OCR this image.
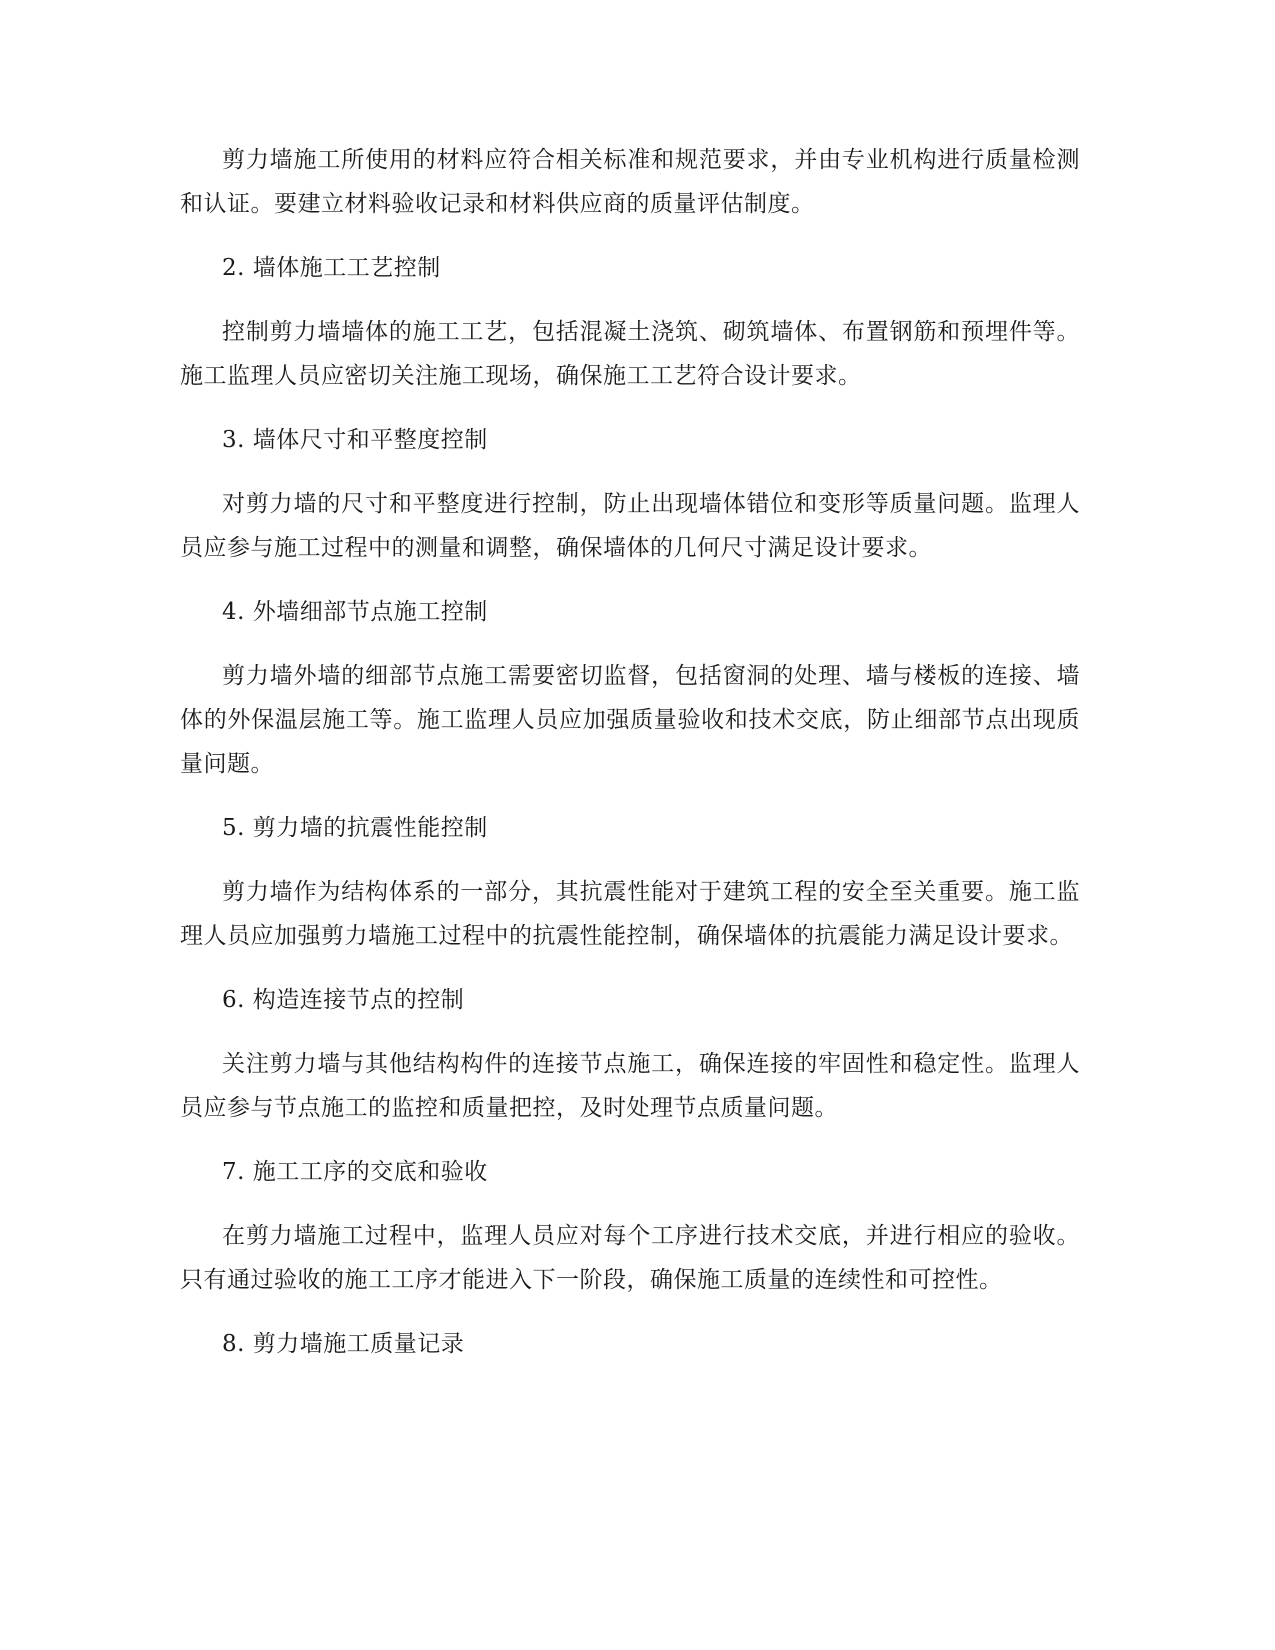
剪力墙施工所使用的材料应符合相关标准和规范要求，并由专业机构进行质量检测和认证。要建立材料验收记录和材料供应商的质量评估制度。

2. 墙体施工工艺控制

控制剪力墙墙体的施工工艺，包括混凝土浇筑、砌筑墙体、布置钢筋和预埋件等。施工监理人员应密切关注施工现场，确保施工工艺符合设计要求。

3. 墙体尺寸和平整度控制

对剪力墙的尺寸和平整度进行控制，防止出现墙体错位和变形等质量问题。监理人员应参与施工过程中的测量和调整，确保墙体的几何尺寸满足设计要求。

4. 外墙细部节点施工控制

剪力墙外墙的细部节点施工需要密切监督，包括窗洞的处理、墙与楼板的连接、墙体的外保温层施工等。施工监理人员应加强质量验收和技术交底，防止细部节点出现质量问题。

5. 剪力墙的抗震性能控制

剪力墙作为结构体系的一部分，其抗震性能对于建筑工程的安全至关重要。施工监理人员应加强剪力墙施工过程中的抗震性能控制，确保墙体的抗震能力满足设计要求。

6. 构造连接节点的控制

关注剪力墙与其他结构构件的连接节点施工，确保连接的牢固性和稳定性。监理人员应参与节点施工的监控和质量把控，及时处理节点质量问题。

7. 施工工序的交底和验收

在剪力墙施工过程中，监理人员应对每个工序进行技术交底，并进行相应的验收。只有通过验收的施工工序才能进入下一阶段，确保施工质量的连续性和可控性。

8. 剪力墙施工质量记录
